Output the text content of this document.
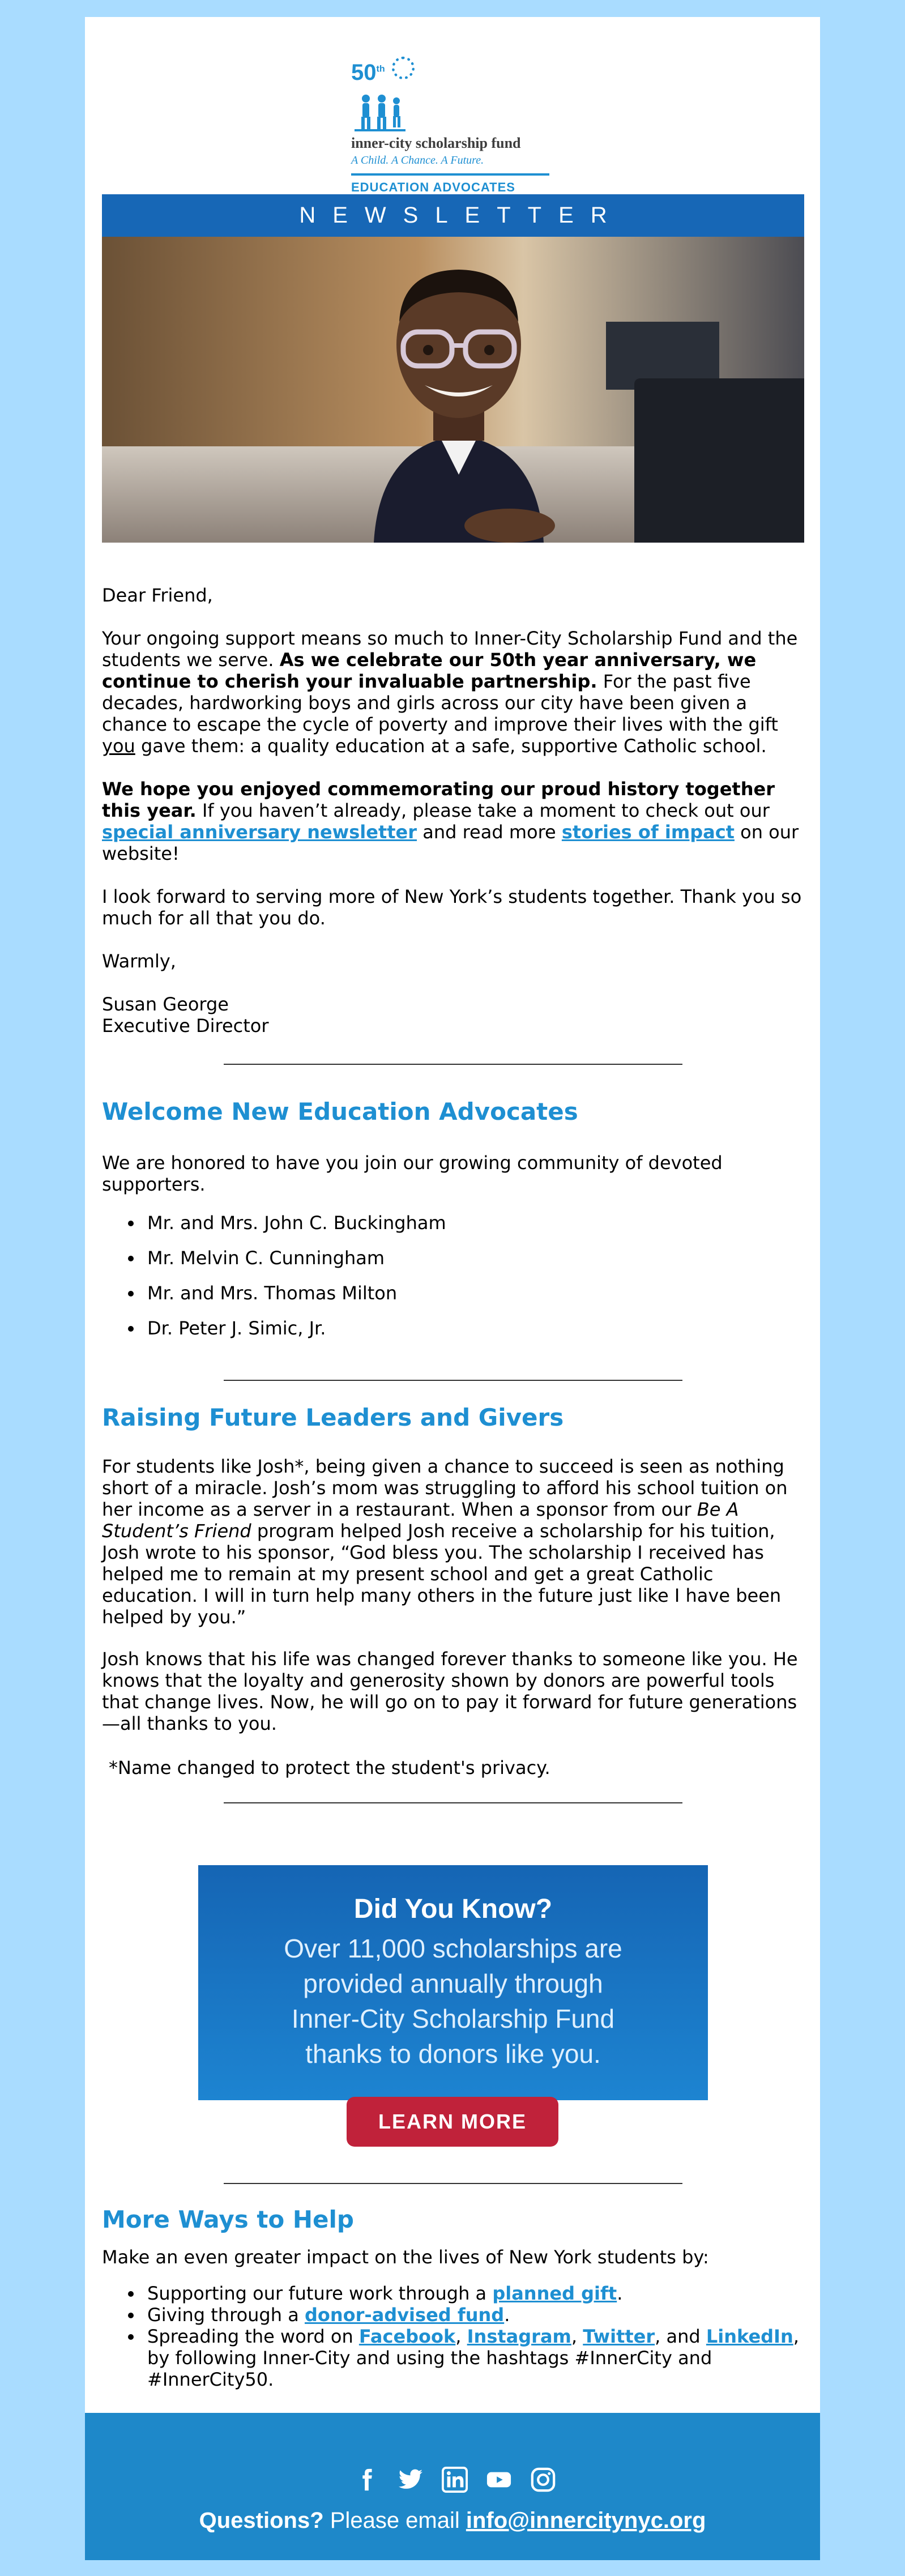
50th
inner-city scholarship fund
A Child. A Chance. A Future.
EDUCATION ADVOCATES
NEWSLETTER

Dear Friend,

Your ongoing support means so much to Inner-City Scholarship Fund and the students we serve. As we celebrate our 50th year anniversary, we continue to cherish your invaluable partnership. For the past five decades, hardworking boys and girls across our city have been given a chance to escape the cycle of poverty and improve their lives with the gift you gave them: a quality education at a safe, supportive Catholic school.

We hope you enjoyed commemorating our proud history together this year. If you haven’t already, please take a moment to check out our special anniversary newsletter and read more stories of impact on our website!

I look forward to serving more of New York’s students together. Thank you so much for all that you do.

Warmly,

Susan George

Executive Director

Welcome New Education Advocates

We are honored to have you join our growing community of devoted supporters.

Mr. and Mrs. John C. Buckingham
Mr. Melvin C. Cunningham
Mr. and Mrs. Thomas Milton
Dr. Peter J. Simic, Jr.
Raising Future Leaders and Givers

For students like Josh*, being given a chance to succeed is seen as nothing short of a miracle. Josh’s mom was struggling to afford his school tuition on her income as a server in a restaurant. When a sponsor from our Be A Student’s Friend program helped Josh receive a scholarship for his tuition, Josh wrote to his sponsor, “God bless you. The scholarship I received has helped me to remain at my present school and get a great Catholic education. I will in turn help many others in the future just like I have been helped by you.”

Josh knows that his life was changed forever thanks to someone like you. He knows that the loyalty and generosity shown by donors are powerful tools that change lives. Now, he will go on to pay it forward for future generations—all thanks to you.

*Name changed to protect the student's privacy.

Did You Know?
Over 11,000 scholarships are
provided annually through
Inner-City Scholarship Fund
thanks to donors like you.
LEARN MORE
More Ways to Help

Make an even greater impact on the lives of New York students by:

Supporting our future work through a planned gift.
Giving through a donor-advised fund.
Spreading the word on Facebook, Instagram, Twitter, and LinkedIn, by following Inner-City and using the hashtags #InnerCity and #InnerCity50.
Questions? Please email info@innercitynyc.org
